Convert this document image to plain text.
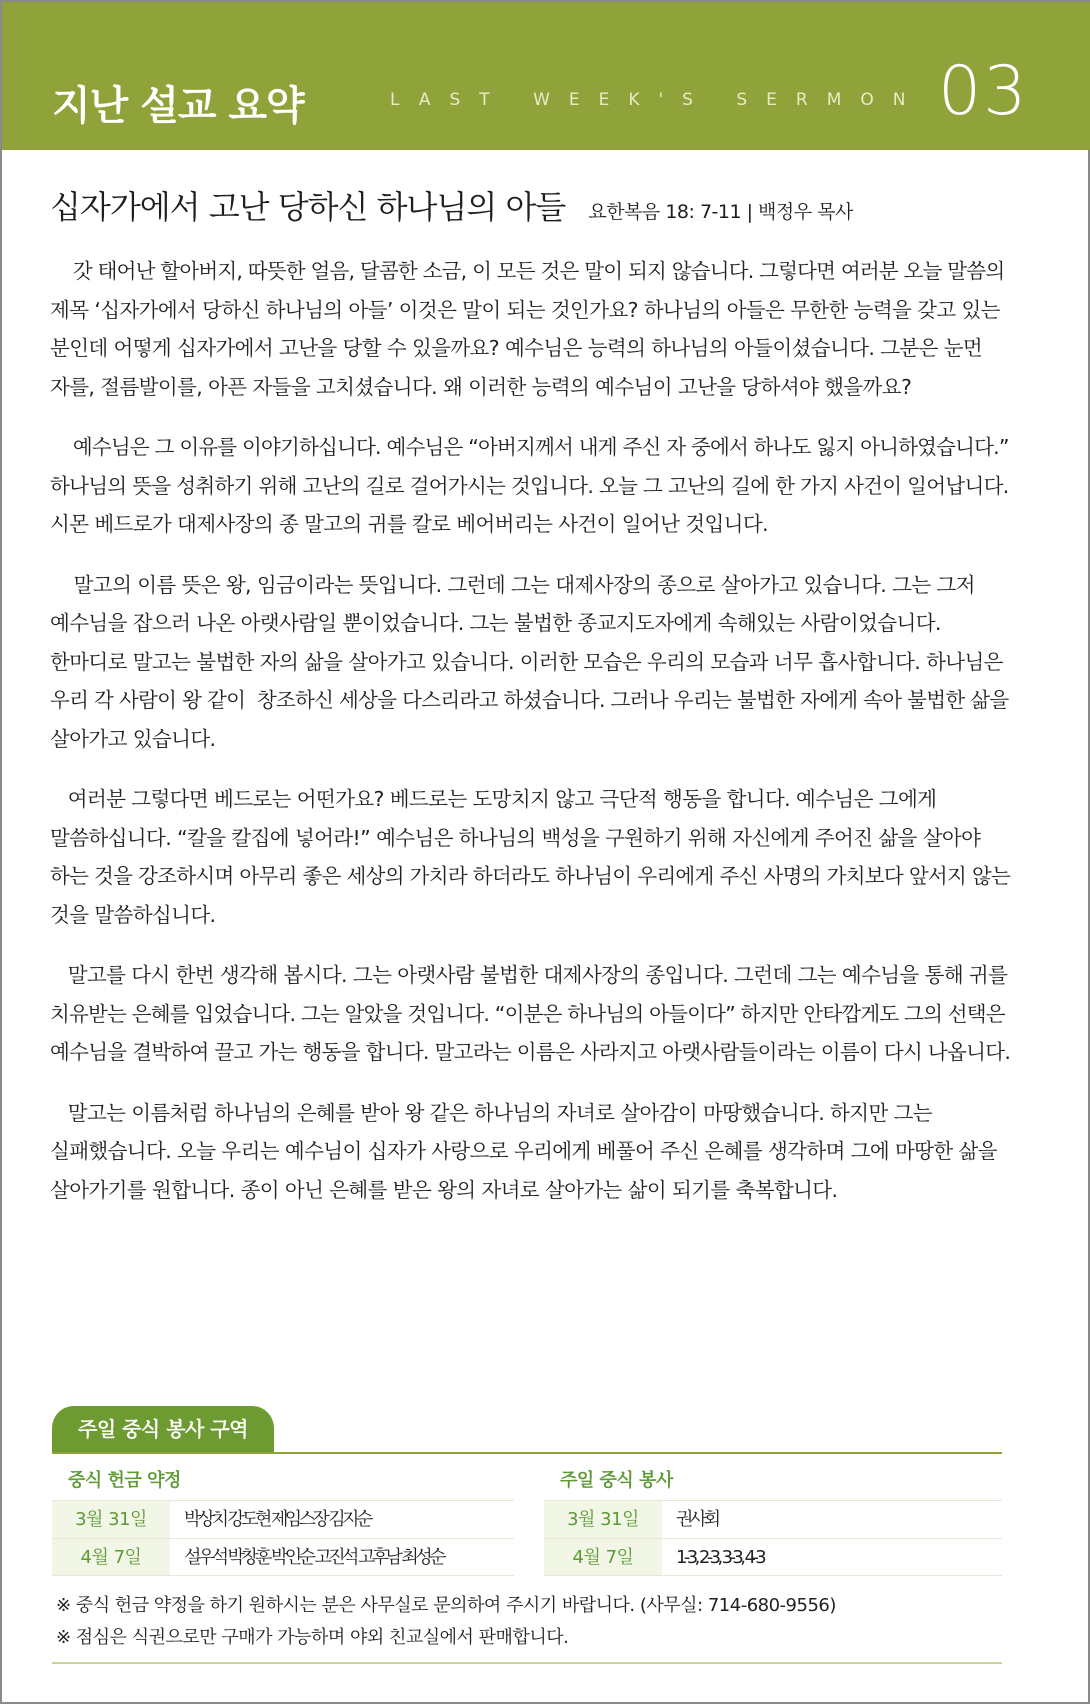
지난 설교 요약	LAST WEEK'S SERMON 03
십자가에서 고난 당하신 하나님의 아들 요한복음 18: 7-11 | 백정우 목사
갓 태어난 할아버지, 따뜻한 얼음, 달콤한 소금, 이 모든 것은 말이 되지 않습니다. 그렇다면 여러분 오늘 말씀의
제목 ‘십자가에서 당하신 하나님의 아들’ 이것은 말이 되는 것인가요? 하나님의 아들은 무한한 능력을 갖고 있는
분인데 어떻게 십자가에서 고난을 당할 수 있을까요? 예수님은 능력의 하나님의 아들이셨습니다. 그분은 눈먼
자를, 절름발이를, 아픈 자들을 고치셨습니다. 왜 이러한 능력의 예수님이 고난을 당하셔야 했을까요?
예수님은 그 이유를 이야기하십니다. 예수님은 “아버지께서 내게 주신 자 중에서 하나도 잃지 아니하였습니다.”
하나님의 뜻을 성취하기 위해 고난의 길로 걸어가시는 것입니다. 오늘 그 고난의 길에 한 가지 사건이 일어납니다.
시몬 베드로가 대제사장의 종 말고의 귀를 칼로 베어버리는 사건이 일어난 것입니다.
말고의 이름 뜻은 왕, 임금이라는 뜻입니다. 그런데 그는 대제사장의 종으로 살아가고 있습니다. 그는 그저
예수님을 잡으러 나온 아랫사람일 뿐이었습니다. 그는 불법한 종교지도자에게 속해있는 사람이었습니다.
한마디로 말고는 불법한 자의 삶을 살아가고 있습니다. 이러한 모습은 우리의 모습과 너무 흡사합니다. 하나님은
우리 각 사람이 왕 같이  창조하신 세상을 다스리라고 하셨습니다. 그러나 우리는 불법한 자에게 속아 불법한 삶을
살아가고 있습니다.
여러분 그렇다면 베드로는 어떤가요? 베드로는 도망치지 않고 극단적 행동을 합니다. 예수님은 그에게
말씀하십니다. “칼을 칼집에 넣어라!” 예수님은 하나님의 백성을 구원하기 위해 자신에게 주어진 삶을 살아야
하는 것을 강조하시며 아무리 좋은 세상의 가치라 하더라도 하나님이 우리에게 주신 사명의 가치보다 앞서지 않는
것을 말씀하십니다.
말고를 다시 한번 생각해 봅시다. 그는 아랫사람 불법한 대제사장의 종입니다. 그런데 그는 예수님을 통해 귀를
치유받는 은혜를 입었습니다. 그는 알았을 것입니다. “이분은 하나님의 아들이다” 하지만 안타깝게도 그의 선택은
예수님을 결박하여 끌고 가는 행동을 합니다. 말고라는 이름은 사라지고 아랫사람들이라는 이름이 다시 나옵니다.
말고는 이름처럼 하나님의 은혜를 받아 왕 같은 하나님의 자녀로 살아감이 마땅했습니다. 하지만 그는
실패했습니다. 오늘 우리는 예수님이 십자가 사랑으로 우리에게 베풀어 주신 은혜를 생각하며 그에 마땅한 삶을
살아가기를 원합니다. 종이 아닌 은혜를 받은 왕의 자녀로 살아가는 삶이 되기를 축복합니다.
주일 중식 봉사 구역
중식 헌금 약정
3월 31일	박상치 강도현 제임스장 김지순
4월 7일	설우석 박창훈 박인순 고진석 고후남 최성순
주일 중식 봉사
3월 31일	권사회
4월 7일	1-3, 2-3, 3-3, 4-3
※ 중식 헌금 약정을 하기 원하시는 분은 사무실로 문의하여 주시기 바랍니다. (사무실: 714-680-9556)
※ 점심은 식권으로만 구매가 가능하며 야외 친교실에서 판매합니다.
